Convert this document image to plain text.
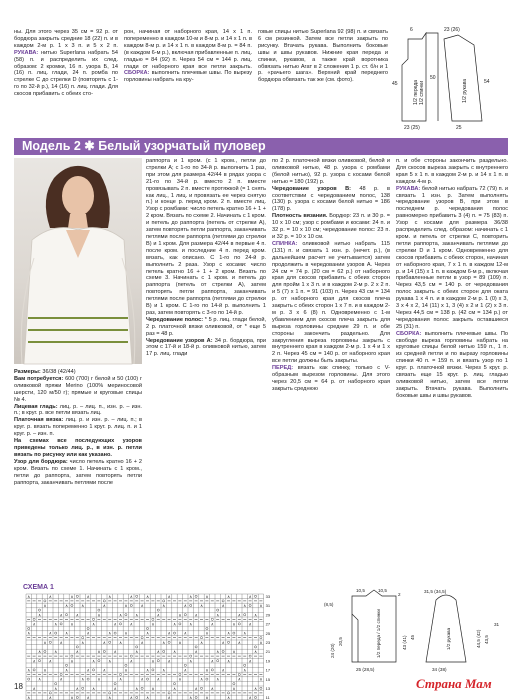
ны. Для этого через 35 см = 92 р. от бордюра закрыть средние 18 (22) п. и в каждом 2-м р. 1 х 3 п. и 5 х 2 п. РУКАВА: нитью Superlana набрать 54 (58) п. и распределить их след. образом: 2 кромки, 16 п. узора Б, 14 (16) п. лиц. глади, 24 п. ромба по стрелке С до стрелки D (повторять с 1-го по 32-й р.), 14 (16) п. лиц. глади. Для скосов прибавить с обеих сто-

рон, начиная от наборного края, 14 х 1 п. попеременно в каждом 10-м и 8-м р. и 14 х 1 п. в каждом 8-м р. и 14 х 1 п. в каждом 8-м р. = 84 п. (в каждом 6-м р.), включая прибавленные п. лиц. гладью = 84 (92) п. Через 54 см = 144 р. лиц. глади от наборного края все петли закрыть. СБОРКА: выполнить плечевые швы. По вырезу горловины набрать на кру-

говые спицы нитью Superlana 92 (98) п. и связать 6 см резинкой. Затем все петли закрыть по рисунку. Втачать рукава. Выполнить боковые швы и швы рукавов. Нижние края переда и спинки, рукавов, а также край воротника обвязать нитью Агат в 2 сложения 1 р. ст. б/н и 1 р. «рачьего шага». Верхний край переднего бордюра обвязать так же (см. фото).	1/2 переда 1/2 спинки	1/2 рукава
23 (25)	25
45
50
54
23 (26)
6
Модель 2 ✱ Белый узорчатый пуловер

Размеры: 36/38 (42/44)

Вам потребуется: 600 (700) г белой и 50 (100) г оливковой пряжи Merino (100% мериносовой шерсти, 120 м/50 г); прямые и круговые спицы № 4.

Лицевая гладь: лиц. р. – лиц. п., изн. р. – изн. п.; в круг. р. все петли вязать лиц.

Платочная вязка: лиц. р. и изн. р. – лиц. п.; в круг. р. вязать попеременно 1 круг. р. лиц. п. и 1 круг. р. – изн. п.

На схемах все последующих узоров приведены только лиц. р., в изн. р. петли вязать по рисунку или как указано.

Узор для бордюра: число петель кратно 16 + 2 кром. Вязать по схеме 1. Начинать с 1 кром., петли до раппорта, затем повторять петли раппорта, заканчивать петлями после

раппорта и 1 кром. (с 1 кром., петли до стрелки А; с 1-го по 34-й р. выполнить 1 раз, при этом для размера 42/44 в рядах узора с 21-го по 34-й р. вместо 2 п. вместе провязывать 2 п. вместе протяжкой (= 1 снять как лиц., 1 лиц. и провязать ее через снятую п.) и конце р. перед кром. 2 п. вместе лиц. Узор с ромбами: число петель кратно 16 + 1 + 2 кром. Вязать по схеме 2. Начинать с 1 кром. и петель до раппорта (петель от стрелки А), затем повторять петли раппорта, заканчивать петлями после раппорта (петлями до стрелки В) и 1 кром. Для размера 42/44 в первые 4 п. после кром. и последние 4 п. перед кром. вязать, как описано. С 1-го по 24-й р. выполнить 2 раза. Узор с косами: число петель кратно 16 + 1 + 2 кром. Вязать по схеме 3. Начинать с 1 кром. и петель до раппорта (петель от стрелки А), затем повторять петли раппорта, заканчивать петлями после раппорта (петлями до стрелки В) и 1 кром. С 1-го по 14-й р. выполнить 1 раз, затем повторять с 3-го по 14-й р.

Чередование полос: * 5 р. лиц. глади белой, 2 р. платочной вязки оливковой, от * еще 5 раз = 48 р.

Чередование узоров А: 34 р. бордюра, при этом с 17-й и 18-й р. оливковой нитью, затем 17 р. лиц. глади

по 2 р. платочной вязки оливковой, белой и оливковой нитью, 48 р. узора с ромбами (белой нитью), 92 р. узора с косами белой нитью = 180 (192) р.

Чередование узоров В: 48 р. в соответствии с чередованием полос, 138 (130) р. узора с косами белой нитью = 186 (178) р.

Плотность вязания. Бордюр: 23 п. и 30 р. = 10 х 10 см; узор с ромбами и косами: 24 п. и 32 р. = 10 х 10 см; чередование полос: 23 п. и 32 р. = 10 х 10 см.

СПИНКА: оливковой нитью набрать 115 (131) п. и связать 1 изн. р. (нечет. р.), (в дальнейшем расчет не учитывается) затем продолжить в чередовании узоров А. Через 24 см = 74 р. (20 см = 62 р.) от наборного края для скосов прибавить с обеих сторон для пройм 1 х 3 п. и в каждом 2-м р. 2 х 2 п. и 5 (7) х 1 п. = 91 (103) п. Через 43 см = 134 р. от наборного края для скосов плеча закрыть с обеих сторон 1 х 7 п. и в каждом 2-м р. 3 х 6 (8) п. Одновременно с 1-м убавлением для скосов плеча закрыть для выреза горловины средние 29 п. и обе стороны закончить раздельно. Для закругления выреза горловины закрыть с внутреннего края в каждом 2-м р. 1 х 4 и 1 х 2 п. Через 45 см = 140 р. от наборного края все петли должны быть закрыты.

ПЕРЕД: вязать как спинку, только с V-образным вырезом горловины. Для этого через 20,5 см = 64 р. от наборного края закрыть среднюю

п. и обе стороны закончить раздельно. Для скосов выреза закрыть с внутреннего края 5 х 1 п. в каждом 2-м р. и 14 х 1 п. в каждом 4-м р.

РУКАВА: белой нитью набрать 72 (79) п. и связать 1 изн. р. Затем выполнять чередование узоров В, при этом в последнем р. чередования полос равномерно прибавить 3 (4) п. = 75 (83) п. Узор с косами для размера 36/38 распределить след. образом: начинать с 1 кром. и петель от стрелки С, повторить петли раппорта, заканчивать петлями до стрелки D и 1 кром. Одновременно для скосов прибавить с обеих сторон, начиная от наборного края, 7 х 1 п. в каждом 12-м р. и 14 (15) х 1 п. в каждом 6-м р., включая прибавленные петли в узор = 89 (109) п. Через 43,5 см = 140 р. от чередования полос закрыть с обеих сторон для оката рукава 1 х 4 п. и в каждом 2-м р. 1 (0) х 3, 3 х 4 х 2, 14 (11) х 1, 3 (4) х 2 и 1 (2) х 3 п. Через 44,5 см = 138 р. (42 см = 134 р.) от чередования полос закрыть оставшиеся 25 (31) п.

СБОРКА: выполнить плечевые швы. По свободе выреза горловины набрать на круговые спицы белой нитью 159 п., 1 п. из средней петли и по выразу горловины спинки 40 п. = 159 п. и вязать узор по 1 круг. р. платочной вязки. Через 5 круг. р. связать еще 15 круг. р. лиц. гладью оливковой нитью, затем все петли закрыть. Втачать рукава. Выполнить боковые швы и швы рукавов.

СХЕМА 1
∧	∧	∧	∧	∧	∧	∧	∧	∧	∧	∧	∧
∧	∧	∧	∧	∧	∧	∧	∧	∧	∧	∧	∧
∧	∧	∧	∧	∧	∧	∧	∧	∧	∧	∧	∧
∧	∧	∧	∧	∧	∧	∧	∧	∧	∧	∧	∧
∧	∧	∧	∧	∧	∧	∧	∧	∧	∧	∧	∧
∧	∧	∧	∧	∧	∧	∧	∧	∧	∧	∧	∧
∧	∧	∧	∧	∧	∧	∧	∧	∧	∧	∧	∧
∧	∧	∧	∧	∧	∧	∧	∧	∧	∧	∧	∧
∧	∧	∧	∧	∧	∧	∧	∧	∧	∧	∧	∧
∧	∧	∧	∧	∧	∧	∧	∧	∧	∧	∧	∧
∧	∧	∧	∧	∧	∧	∧	∧	∧	∧	∧	∧
∧	∧	∧	∧	∧	∧	∧	∧	∧	∧	∧	∧
33
31
29
27
25
23
21
19
17
15
13
11
10,5	10,5
2
(8,5)
1/2 переда / 1/2 спинки
25 (28,5)
43 (41) 45
20,5
24 (20)
1/2 рукава
31,5 (34,5)
44,5 (42) 43,5
34 (38)
31
18	Страна Мам
